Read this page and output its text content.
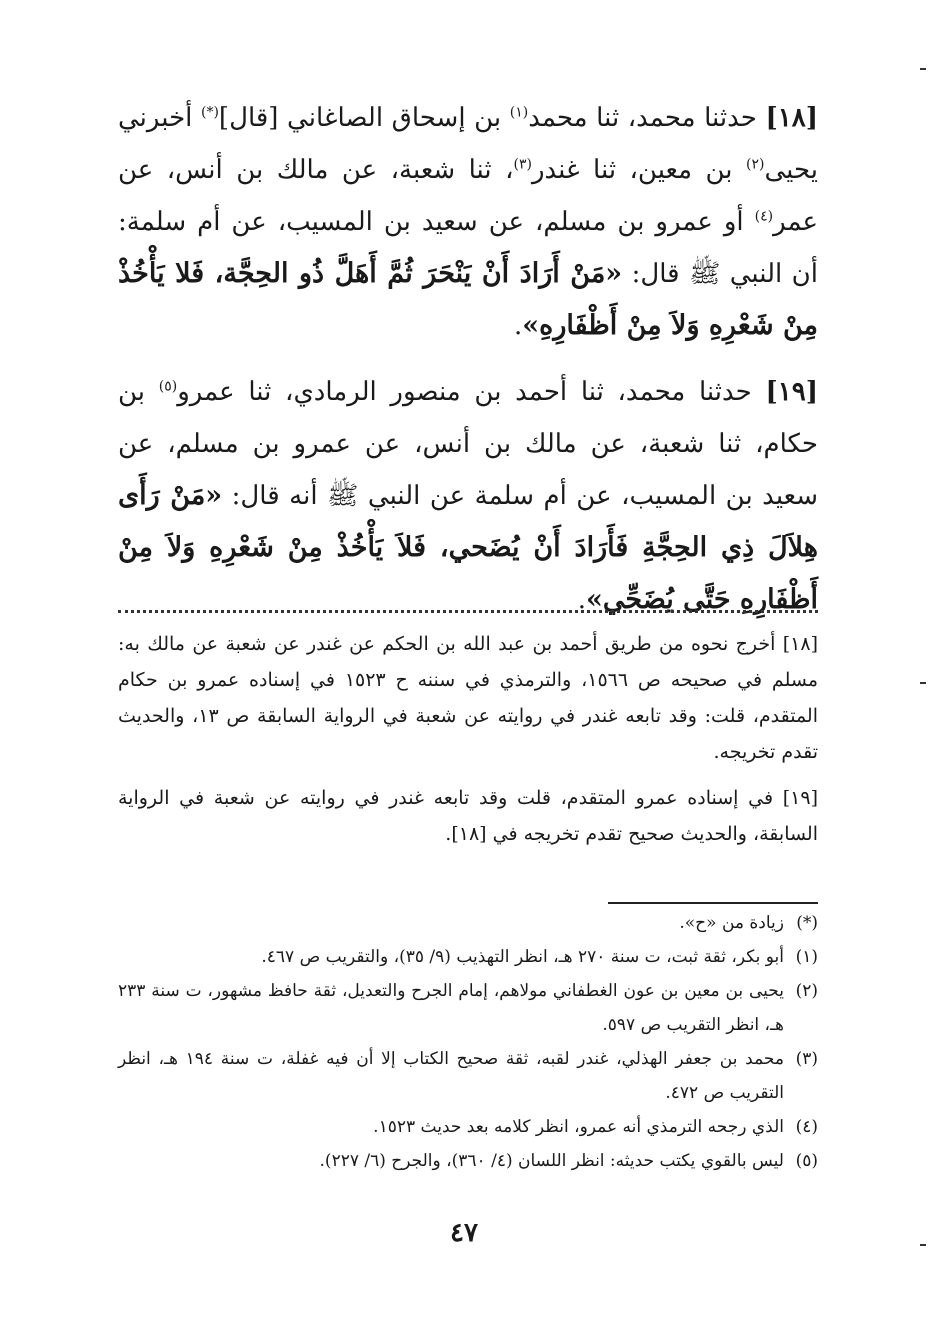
[١٨] حدثنا محمد، ثنا محمد$^{(١)}$ بن إسحاق الصاغاني [قال](*) أخبرني يحيى$^{(٢)}$ بن معين، ثنا غندر$^{(٣)}$، ثنا شعبة، عن مالك بن أنس، عن عمر$^{(٤)}$ أو عمرو بن مسلم، عن سعيد بن المسيب، عن أم سلمة: أن النبي ﷺ قال: «مَنْ أَرَادَ أَنْ يَنْحَرَ ثُمَّ أَهَلَّ ذُو الحِجَّة، فَلا يَأْخُذْ مِنْ شَعْرِهِ وَلاَ مِنْ أَظْفَارِهِ».

[١٩] حدثنا محمد، ثنا أحمد بن منصور الرمادي، ثنا عمرو$^{(٥)}$ بن حكام، ثنا شعبة، عن مالك بن أنس، عن عمرو بن مسلم، عن سعيد بن المسيب، عن أم سلمة عن النبي ﷺ أنه قال: «مَنْ رَأَى هِلاَلَ ذِي الحِجَّةِ فَأَرَادَ أَنْ يُضَحي، فَلاَ يَأْخُذْ مِنْ شَعْرِهِ وَلاَ مِنْ أَظْفَارِهِ حَتَّى يُضَحِّي».

[١٨] أخرج نحوه من طريق أحمد بن عبد الله بن الحكم عن غندر عن شعبة عن مالك به: مسلم في صحيحه ص ١٥٦٦، والترمذي في سننه ح ١٥٢٣ في إسناده عمرو بن حكام المتقدم، قلت: وقد تابعه غندر في روايته عن شعبة في الرواية السابقة ص ١٣، والحديث تقدم تخريجه.

[١٩] في إسناده عمرو المتقدم، قلت وقد تابعه غندر في روايته عن شعبة في الرواية السابقة، والحديث صحيح تقدم تخريجه في [١٨].

(*)
زيادة من «ح».
(١)
أبو بكر، ثقة ثبت، ت سنة ٢٧٠ هـ، انظر التهذيب (٩/ ٣٥)، والتقريب ص ٤٦٧.
(٢)
يحيى بن معين بن عون الغطفاني مولاهم، إمام الجرح والتعديل، ثقة حافظ مشهور، ت سنة ٢٣٣ هـ، انظر التقريب ص ٥٩٧.
(٣)
محمد بن جعفر الهذلي، غندر لقبه، ثقة صحيح الكتاب إلا أن فيه غفلة، ت سنة ١٩٤ هـ، انظر التقريب ص ٤٧٢.
(٤)
الذي رجحه الترمذي أنه عمرو، انظر كلامه بعد حديث ١٥٢٣.
(٥)
ليس بالقوي يكتب حديثه: انظر اللسان (٤/ ٣٦٠)، والجرح (٦/ ٢٢٧).
٤٧
